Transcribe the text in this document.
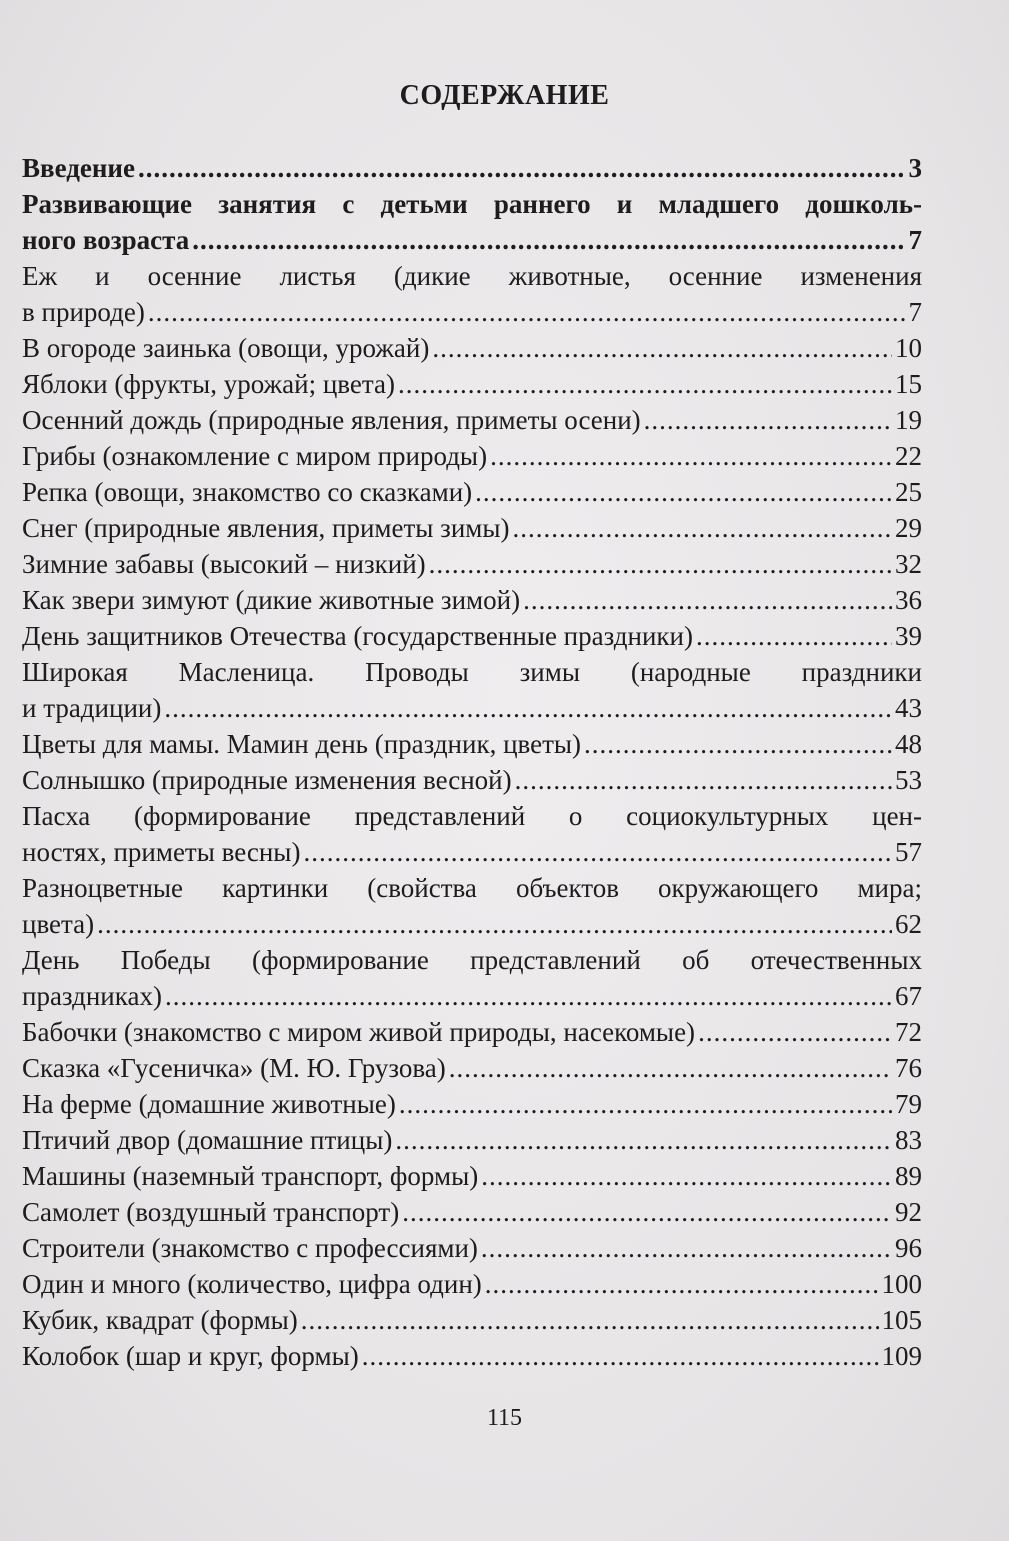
СОДЕРЖАНИЕ
Введение .....	3
Развивающие занятия с детьми раннего и младшего дошколь-
ного возраста .....	7
Еж и осенние листья (дикие животные, осенние изменения
в природе) .....	7
В огороде заинька (овощи, урожай) .....	10
Яблоки (фрукты, урожай; цвета) .....	15
Осенний дождь (природные явления, приметы осени) .....	19
Грибы (ознакомление с миром природы) .....	22
Репка (овощи, знакомство со сказками) .....	25
Снег (природные явления, приметы зимы) .....	29
Зимние забавы (высокий – низкий) .....	32
Как звери зимуют (дикие животные зимой) .....	36
День защитников Отечества (государственные праздники) .....	39
Широкая Масленица. Проводы зимы (народные праздники
и традиции) .....	43
Цветы для мамы. Мамин день (праздник, цветы) .....	48
Солнышко (природные изменения весной) .....	53
Пасха (формирование представлений о социокультурных цен-
ностях, приметы весны) .....	57
Разноцветные картинки (свойства объектов окружающего мира;
цвета) .....	62
День Победы (формирование представлений об отечественных
праздниках) .....	67
Бабочки (знакомство с миром живой природы, насекомые) .....	72
Сказка «Гусеничка» (М. Ю. Грузова) .....	76
На ферме (домашние животные) .....	79
Птичий двор (домашние птицы) .....	83
Машины (наземный транспорт, формы) .....	89
Самолет (воздушный транспорт) .....	92
Строители (знакомство с профессиями) .....	96
Один и много (количество, цифра один) .....	100
Кубик, квадрат (формы) .....	105
Колобок (шар и круг, формы) .....	109
115
